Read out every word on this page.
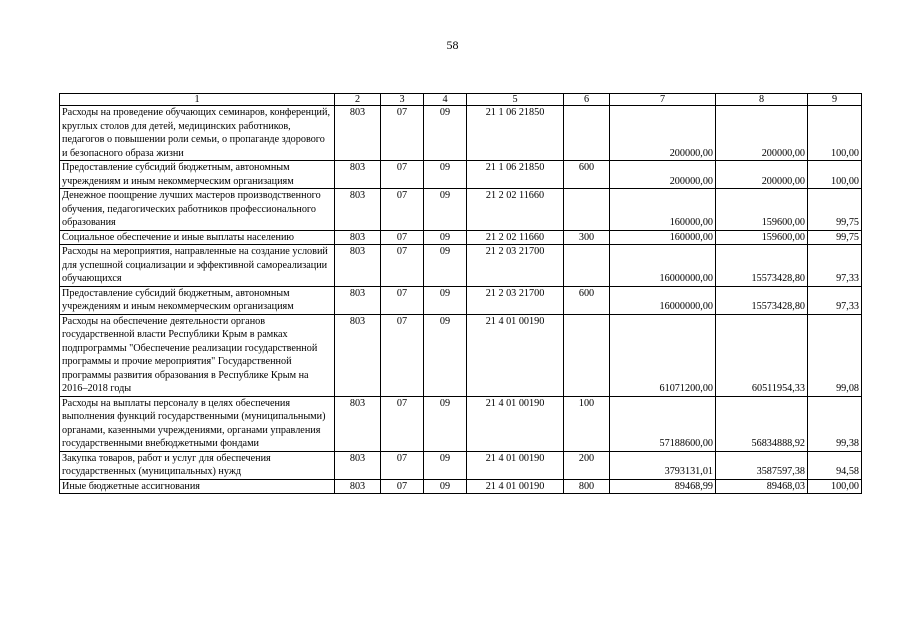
58
1	2	3	4	5	6	7	8	9
Расходы на проведение обучающих семинаров, конференций, круглых столов для детей, медицинских работников, педагогов о повышении роли семьи, о пропаганде здорового и безопасного образа жизни	803	07	09	21 1 06 21850		200000,00	200000,00	100,00
Предоставление субсидий бюджетным, автономным учреждениям и иным некоммерческим организациям	803	07	09	21 1 06 21850	600	200000,00	200000,00	100,00
Денежное поощрение лучших мастеров производственного обучения, педагогических работников профессионального образования	803	07	09	21 2 02 11660		160000,00	159600,00	99,75
Социальное обеспечение и иные выплаты населению	803	07	09	21 2 02 11660	300	160000,00	159600,00	99,75
Расходы на мероприятия, направленные на создание условий для успешной социализации и эффективной самореализации обучающихся	803	07	09	21 2 03 21700		16000000,00	15573428,80	97,33
Предоставление субсидий бюджетным, автономным учреждениям и иным некоммерческим организациям	803	07	09	21 2 03 21700	600	16000000,00	15573428,80	97,33
Расходы на обеспечение деятельности органов государственной власти Республики Крым в рамках подпрограммы "Обеспечение реализации государственной программы и прочие мероприятия" Государственной программы развития образования в Республике Крым на 2016–2018 годы	803	07	09	21 4 01 00190		61071200,00	60511954,33	99,08
Расходы на выплаты персоналу в целях обеспечения выполнения функций государственными (муниципальными) органами, казенными учреждениями, органами управления государственными внебюджетными фондами	803	07	09	21 4 01 00190	100	57188600,00	56834888,92	99,38
Закупка товаров, работ и услуг для обеспечения государственных (муниципальных) нужд	803	07	09	21 4 01 00190	200	3793131,01	3587597,38	94,58
Иные бюджетные ассигнования	803	07	09	21 4 01 00190	800	89468,99	89468,03	100,00
